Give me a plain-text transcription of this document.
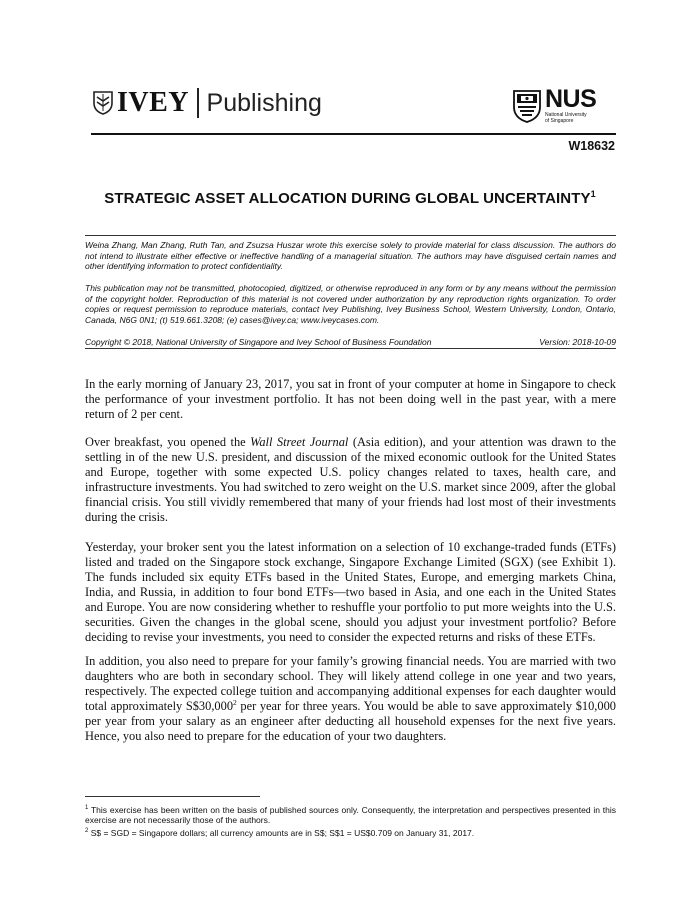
IVEY Publishing	NUS
National University
of Singapore
W18632
STRATEGIC ASSET ALLOCATION DURING GLOBAL UNCERTAINTY$^1$
Weina Zhang, Man Zhang, Ruth Tan, and Zsuzsa Huszar wrote this exercise solely to provide material for class discussion. The authors do not intend to illustrate either effective or ineffective handling of a managerial situation. The authors may have disguised certain names and other identifying information to protect confidentiality.
This publication may not be transmitted, photocopied, digitized, or otherwise reproduced in any form or by any means without the permission of the copyright holder. Reproduction of this material is not covered under authorization by any reproduction rights organization. To order copies or request permission to reproduce materials, contact Ivey Publishing, Ivey Business School, Western University, London, Ontario, Canada, N6G 0N1; (t) 519.661.3208; (e) cases@ivey.ca; www.iveycases.com.
Copyright © 2018, National University of Singapore and Ivey School of Business Foundation	Version: 2018-10-09

In the early morning of January 23, 2017, you sat in front of your computer at home in Singapore to check the performance of your investment portfolio. It has not been doing well in the past year, with a mere return of 2 per cent.

Over breakfast, you opened the Wall Street Journal (Asia edition), and your attention was drawn to the settling in of the new U.S. president, and discussion of the mixed economic outlook for the United States and Europe, together with some expected U.S. policy changes related to taxes, health care, and infrastructure investments. You had switched to zero weight on the U.S. market since 2009, after the global financial crisis. You still vividly remembered that many of your friends had lost most of their investments during the crisis.

Yesterday, your broker sent you the latest information on a selection of 10 exchange-traded funds (ETFs) listed and traded on the Singapore stock exchange, Singapore Exchange Limited (SGX) (see Exhibit 1). The funds included six equity ETFs based in the United States, Europe, and emerging markets China, India, and Russia, in addition to four bond ETFs—two based in Asia, and one each in the United States and Europe. You are now considering whether to reshuffle your portfolio to put more weights into the U.S. securities. Given the changes in the global scene, should you adjust your investment portfolio? Before deciding to revise your investments, you need to consider the expected returns and risks of these ETFs.

In addition, you also need to prepare for your family’s growing financial needs. You are married with two daughters who are both in secondary school. They will likely attend college in one year and two years, respectively. The expected college tuition and accompanying additional expenses for each daughter would total approximately S$30,000$^2$ per year for three years. You would be able to save approximately $10,000 per year from your salary as an engineer after deducting all household expenses for the next five years. Hence, you also need to prepare for the education of your two daughters.

$^1$ This exercise has been written on the basis of published sources only. Consequently, the interpretation and perspectives presented in this exercise are not necessarily those of the authors.

$^2$ S$ = SGD = Singapore dollars; all currency amounts are in S$; S$1 = US$0.709 on January 31, 2017.
